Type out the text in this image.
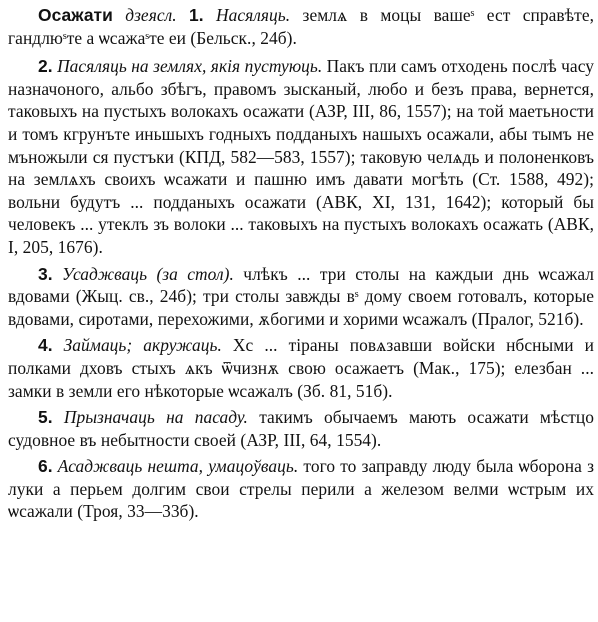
Осажати дзеясл. 1. Насяляць. землѧ в моцы вашеˢ ест справѣте, гандлюˢте а ѡсажаˢте еи (Бельск., 24б).

2. Пасяляць на землях, якія пустуюць. Пакъ пли самъ отходень послѣ часу назначоного, альбо збѣгъ, правомъ зысканый, любо и безъ права, вернется, таковыхъ на пустыхъ волокахъ осажати (АЗР, III, 86, 1557); на той маетьности и томъ кгрунъте иньшыхъ годныхъ подданыхъ нашыхъ осажали, абы тымъ не мъножыли ся пустъки (КПД, 582—583, 1557); таковую челѧдь и полоненковъ на землѧхъ своихъ ѡсажати и пашню имъ давати могѣть (Ст. 1588, 492); вольни будутъ ... подданыхъ осажати (АВК, XI, 131, 1642); который бы человекъ ... утеклъ зъ волоки ... таковыхъ на пустыхъ волокахъ осажать (АВК, I, 205, 1676).

3. Усаджваць (за стол). члѣкъ ... три столы на каждыи днь ѡсажал вдовами (Жыц. св., 24б); три столы завжды вˢ дому своем готовалъ, которые вдовами, сиротами, перехожими, ѫбогими и хорими ѡсажалъ (Пралог, 521б).

4. Займаць; акружаць. Хс ... тіраны повѧзавши войски нбсными и полками дховъ стыхъ ѧкъ ѿчизнѫ свою осажаетъ (Мак., 175); елезбан ... замки в земли его нѣкоторые ѡсажалъ (Зб. 81, 51б).

5. Прызначаць на пасаду. такимъ обычаемъ мають осажати мѣстцо судовное въ небытности своей (АЗР, III, 64, 1554).

6. Асаджваць нешта, умацоўваць. того то заправду люду была ѡборона з луки а перьем долгим свои стрелы перили а железом велми ѡстрым их ѡсажали (Троя, 33—33б).
